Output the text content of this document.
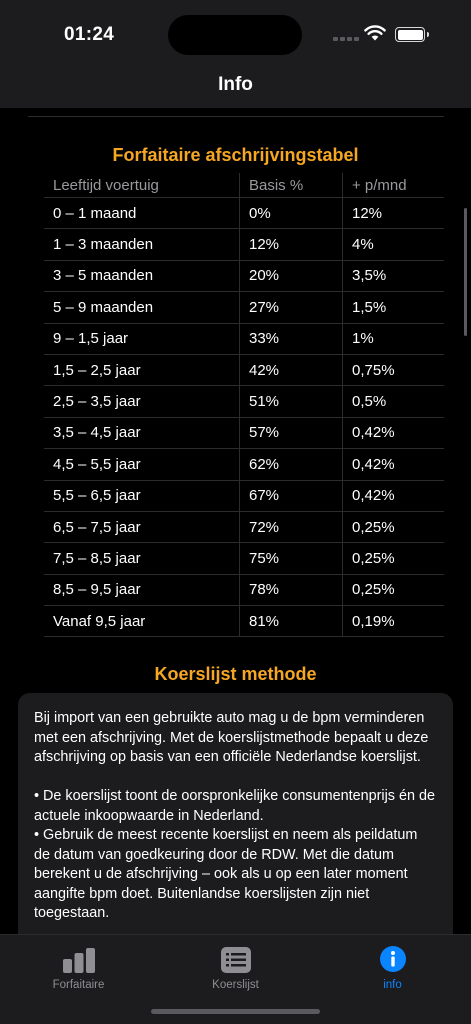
01:24
Info
Forfaitaire afschrijvingstabel
Leeftijd voertuig	Basis %	+ p/mnd
0 – 1 maand	0%	12%
1 – 3 maanden	12%	4%
3 – 5 maanden	20%	3,5%
5 – 9 maanden	27%	1,5%
9 – 1,5 jaar	33%	1%
1,5 – 2,5 jaar	42%	0,75%
2,5 – 3,5 jaar	51%	0,5%
3,5 – 4,5 jaar	57%	0,42%
4,5 – 5,5 jaar	62%	0,42%
5,5 – 6,5 jaar	67%	0,42%
6,5 – 7,5 jaar	72%	0,25%
7,5 – 8,5 jaar	75%	0,25%
8,5 – 9,5 jaar	78%	0,25%
Vanaf 9,5 jaar	81%	0,19%
Koerslijst methode

Bij import van een gebruikte auto mag u de bpm verminderen met een afschrijving. Met de koerslijstmethode bepaalt u deze afschrijving op basis van een officiële Nederlandse koerslijst.

• De koerslijst toont de oorspronkelijke consumentenprijs én de actuele inkoopwaarde in Nederland.
• Gebruik de meest recente koerslijst en neem als peildatum de datum van goedkeuring door de RDW. Met die datum berekent u de afschrijving – ook als u op een later moment aangifte bpm doet. Buitenlandse koerslijsten zijn niet toegestaan.

Forfaitaire	Koerslijst	info
